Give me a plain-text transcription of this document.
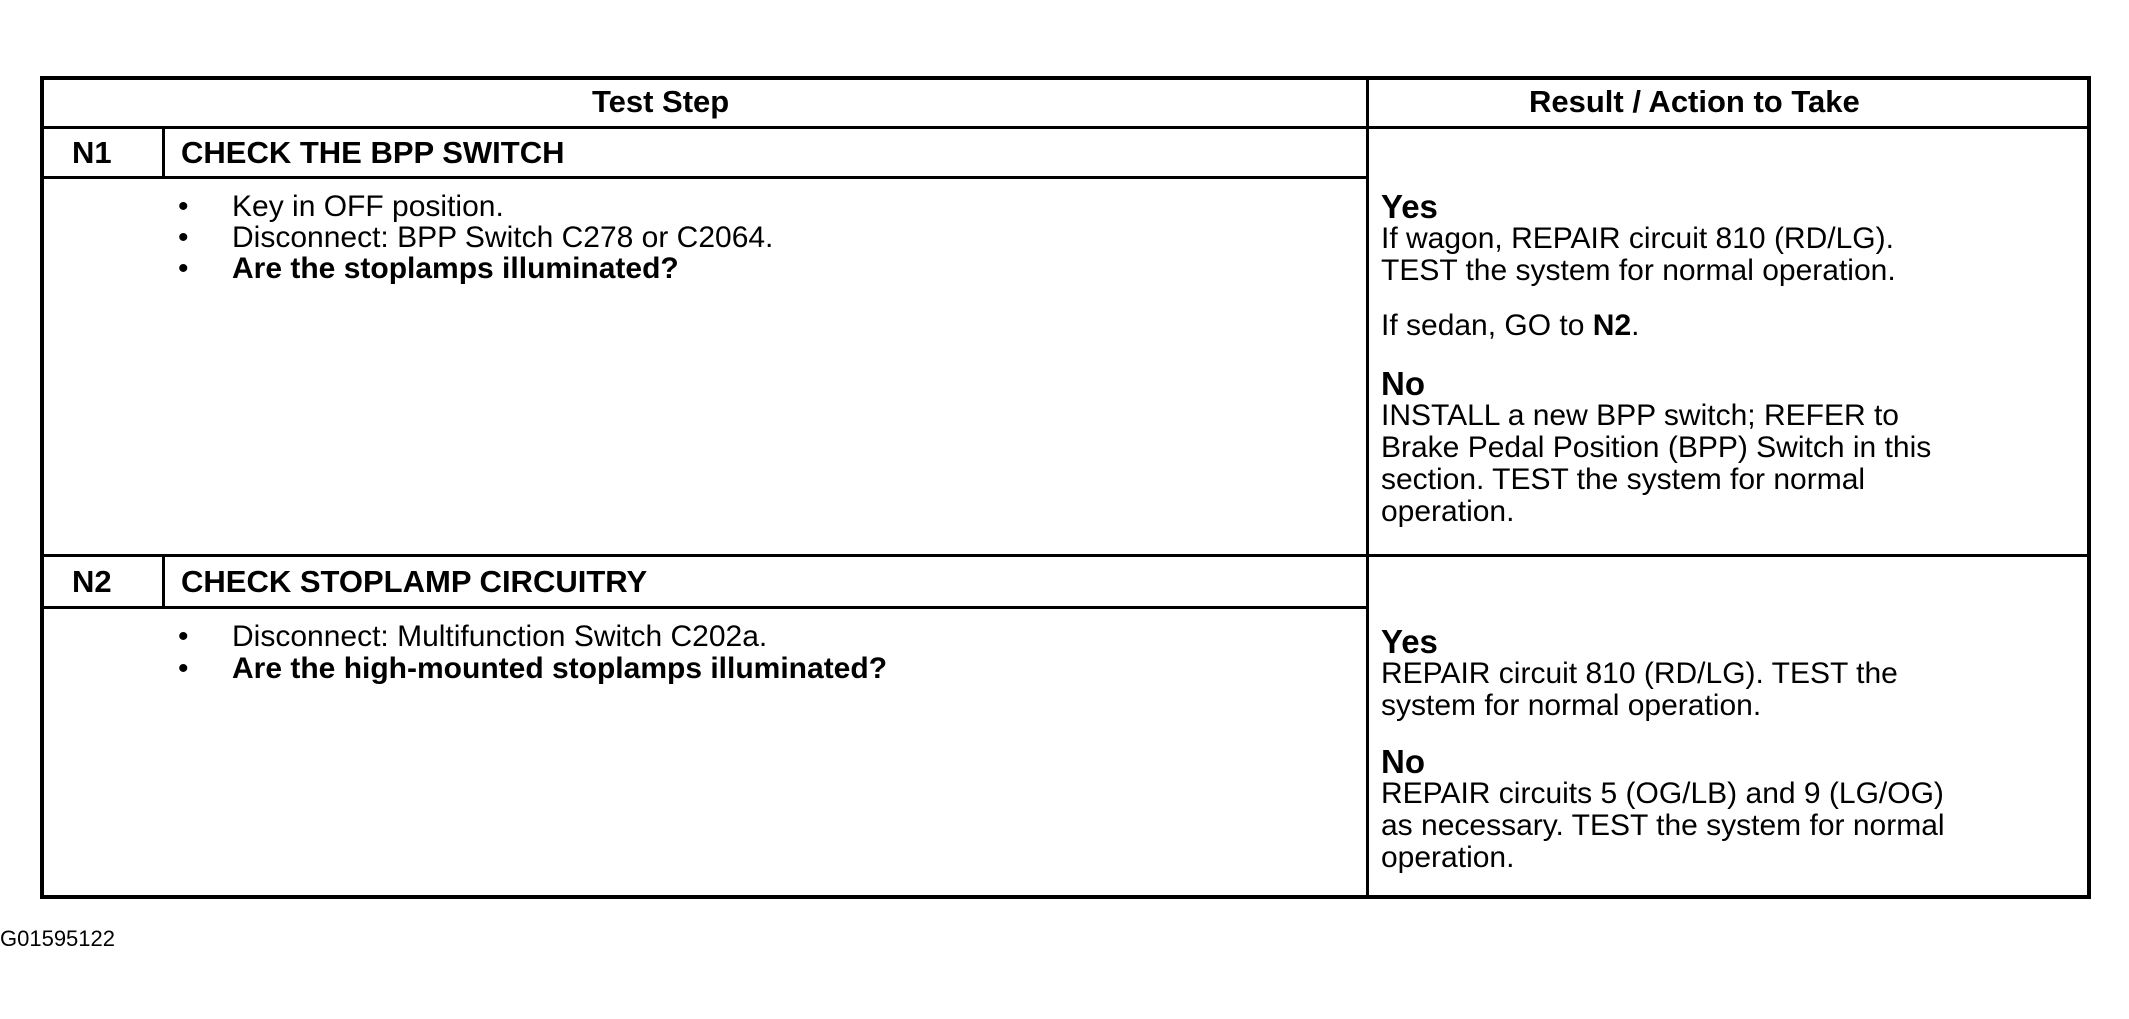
Test Step	Result / Action to Take
N1 CHECK THE BPP SWITCH
• Key in OFF position.
• Disconnect: BPP Switch C278 or C2064.
• Are the stoplamps illuminated?
Yes
If wagon, REPAIR circuit 810 (RD/LG).
TEST the system for normal operation.
If sedan, GO to N2.
No
INSTALL a new BPP switch; REFER to
Brake Pedal Position (BPP) Switch in this
section. TEST the system for normal
operation.
N2 CHECK STOPLAMP CIRCUITRY
• Disconnect: Multifunction Switch C202a.
• Are the high-mounted stoplamps illuminated?
Yes
REPAIR circuit 810 (RD/LG). TEST the
system for normal operation.
No
REPAIR circuits 5 (OG/LB) and 9 (LG/OG)
as necessary. TEST the system for normal
operation.
G01595122
